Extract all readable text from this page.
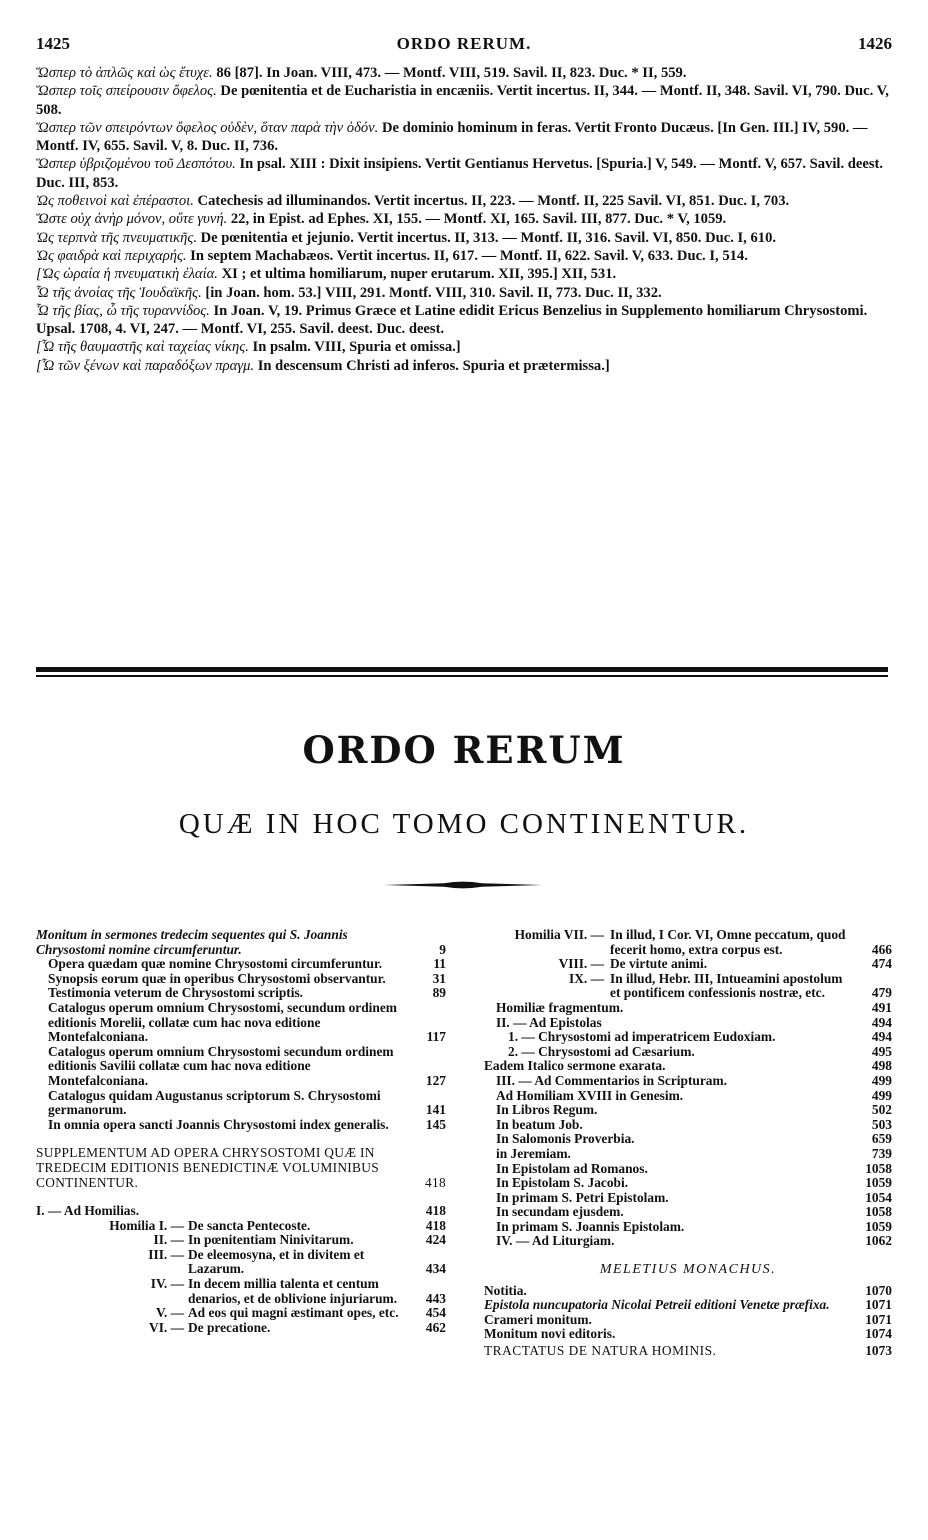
1425	ORDO RERUM.	1426

Ὥσπερ τὸ ἁπλῶς καὶ ὡς ἔτυχε. 86 [87]. In Joan. VIII, 473. — Montf. VIII, 519. Savil. II, 823. Duc. * II, 559.

Ὥσπερ τοῖς σπείρουσιν ὄφελος. De pœnitentia et de Eucharistia in encæniis. Vertit incertus. II, 344. — Montf. II, 348. Savil. VI, 790. Duc. V, 508.

Ὥσπερ τῶν σπειρόντων ὄφελος οὐδὲν, ὅταν παρὰ τὴν ὁδόν. De dominio hominum in feras. Vertit Fronto Ducæus. [In Gen. III.] IV, 590. — Montf. IV, 655. Savil. V, 8. Duc. II, 736.

Ὥσπερ ὑβριζομένου τοῦ Δεσπότου. In psal. XIII : Dixit insipiens. Vertit Gentianus Hervetus. [Spuria.] V, 549. — Montf. V, 657. Savil. deest. Duc. III, 853.

Ὡς ποθεινοὶ καὶ ἐπέραστοι. Catechesis ad illuminandos. Vertit incertus. II, 223. — Montf. II, 225 Savil. VI, 851. Duc. I, 703.

Ὥστε οὐχ ἀνὴρ μόνον, οὔτε γυνή. 22, in Epist. ad Ephes. XI, 155. — Montf. XI, 165. Savil. III, 877. Duc. * V, 1059.

Ὡς τερπνὰ τῆς πνευματικῆς. De pœnitentia et jejunio. Vertit incertus. II, 313. — Montf. II, 316. Savil. VI, 850. Duc. I, 610.

Ὡς φαιδρὰ καὶ περιχαρής. In septem Machabæos. Vertit incertus. II, 617. — Montf. II, 622. Savil. V, 633. Duc. I, 514.

[Ὡς ὡραία ἡ πνευματικὴ ἐλαία. XI ; et ultima homiliarum, nuper erutarum. XII, 395.] XII, 531.

Ὦ τῆς ἀνοίας τῆς Ἰουδαϊκῆς. [in Joan. hom. 53.] VIII, 291. Montf. VIII, 310. Savil. II, 773. Duc. II, 332.

Ὦ τῆς βίας, ὦ τῆς τυραννίδος. In Joan. V, 19. Primus Græce et Latine edidit Ericus Benzelius in Supplemento homiliarum Chrysostomi. Upsal. 1708, 4. VI, 247. — Montf. VI, 255. Savil. deest. Duc. deest.

[Ὦ τῆς θαυμαστῆς καὶ ταχείας νίκης. In psalm. VIII, Spuria et omissa.]

[Ὦ τῶν ξένων καὶ παραδόξων πραγμ. In descensum Christi ad inferos. Spuria et prætermissa.]

ORDO RERUM
QUÆ IN HOC TOMO CONTINENTUR.
Monitum in sermones tredecim sequentes qui S. Joannis Chrysostomi nomine circumferuntur.	9
Opera quædam quæ nomine Chrysostomi circumferuntur.	11
Synopsis eorum quæ in operibus Chrysostomi observantur.	31
Testimonia veterum de Chrysostomi scriptis.	89
Catalogus operum omnium Chrysostomi, secundum ordinem editionis Morelii, collatæ cum hac nova editione Montefalconiana.	117
Catalogus operum omnium Chrysostomi secundum ordinem editionis Savilii collatæ cum hac nova editione Montefalconiana.	127
Catalogus quidam Augustanus scriptorum S. Chrysostomi germanorum.	141
In omnia opera sancti Joannis Chrysostomi index generalis.	145
SUPPLEMENTUM AD OPERA CHRYSOSTOMI QUÆ IN TREDECIM EDITIONIS BENEDICTINÆ VOLUMINIBUS CONTINENTUR.	418
I. — Ad Homilias.	418
Homilia I. — De sancta Pentecoste.	418
II. — In pœnitentiam Ninivitarum.	424
III. — De eleemosyna, et in divitem et Lazarum.	434
IV. — In decem millia talenta et centum denarios, et de oblivione injuriarum.	443
V. — Ad eos qui magni æstimant opes, etc. 454
VI. — De precatione.	462
Homilia VII. — In illud, I Cor. VI, Omne peccatum, quod fecerit homo, extra corpus est.	466
VIII. — De virtute animi.	474
IX. — In illud, Hebr. III, Intueamini apostolum et pontificem confessionis nostræ, etc.	479
Homiliæ fragmentum.	491
II. — Ad Epistolas	494
1. — Chrysostomi ad imperatricem Eudoxiam.	494
2. — Chrysostomi ad Cæsarium.	495
Eadem Italico sermone exarata.	498
III. — Ad Commentarios in Scripturam.	499
Ad Homiliam XVIII in Genesim.	499
In Libros Regum.	502
In beatum Job.	503
In Salomonis Proverbia.	659
in Jeremiam.	739
In Epistolam ad Romanos.	1058
In Epistolam S. Jacobi.	1059
In primam S. Petri Epistolam.	1054
In secundam ejusdem.	1058
In primam S. Joannis Epistolam.	1059
IV. — Ad Liturgiam.	1062
MELETIUS MONACHUS.
Notitia.	1070
Epistola nuncupatoria Nicolai Petreii editioni Venetæ præfixa.	1071
Crameri monitum.	1071
Monitum novi editoris.	1074
TRACTATUS DE NATURA HOMINIS.	1073
